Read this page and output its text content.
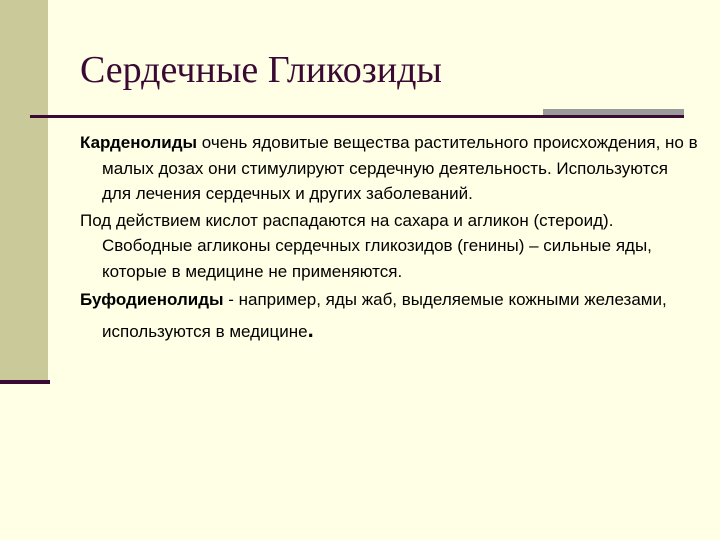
Сердечные Гликозиды

Карденолиды очень ядовитые вещества растительного происхождения, но в малых дозах они стимулируют сердечную деятельность. Используются для лечения сердечных и других заболеваний.

Под действием кислот распадаются на сахара и агликон (стероид). Свободные агликоны сердечных гликозидов (генины) – сильные яды, которые в медицине не применяются.

Буфодиенолиды - например, яды жаб, выделяемые кожными железами, используются в медицине.
